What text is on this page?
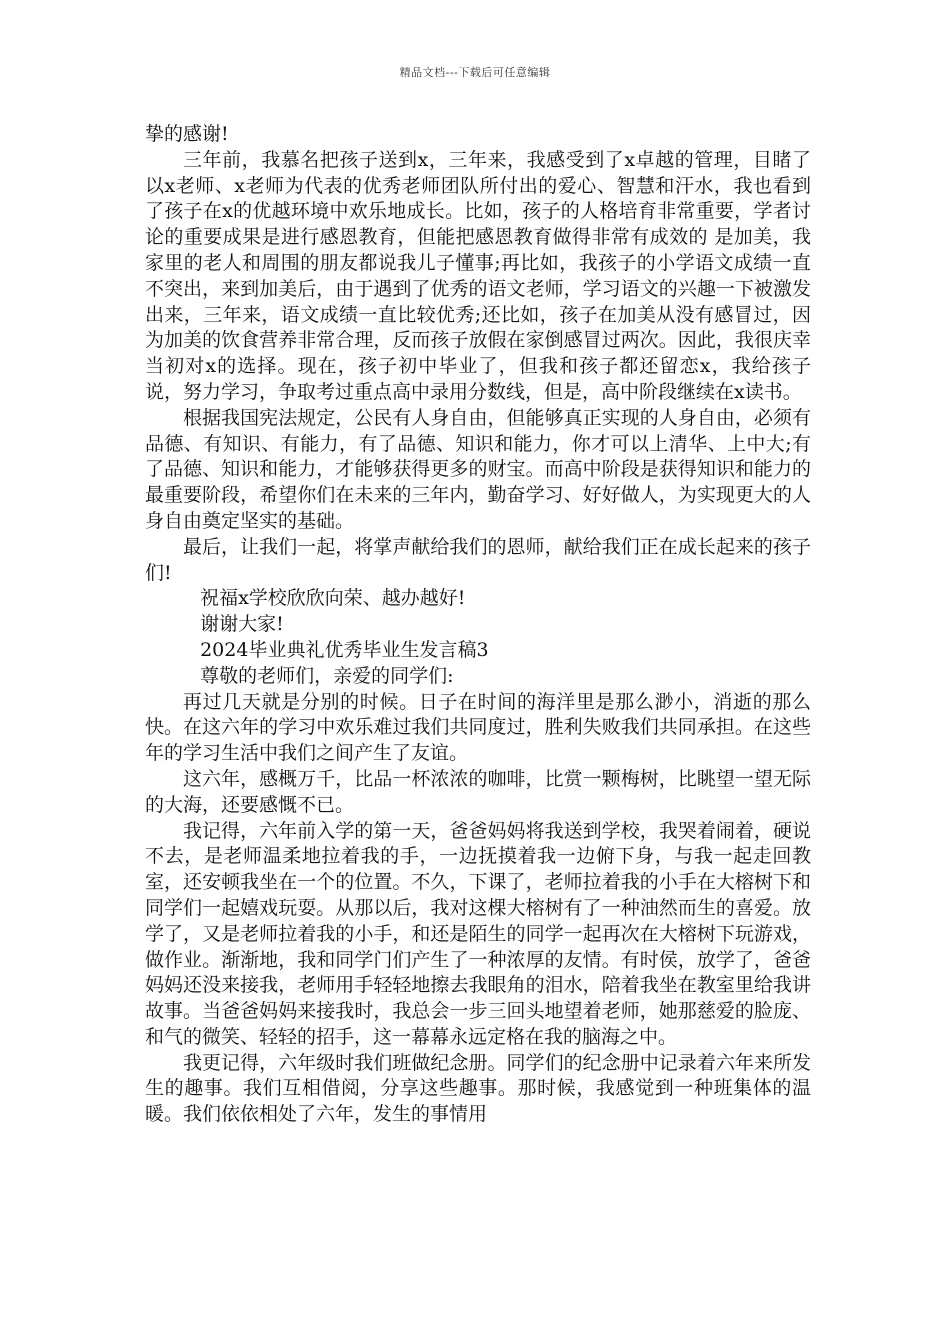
精品文档---下载后可任意编辑

挚的感谢!

三年前，我慕名把孩子送到x，三年来，我感受到了x卓越的管理，目睹了以x老师、x老师为代表的优秀老师团队所付出的爱心、智慧和汗水，我也看到了孩子在x的优越环境中欢乐地成长。比如，孩子的人格培育非常重要，学者讨论的重要成果是进行感恩教育，但能把感恩教育做得非常有成效的 是加美，我家里的老人和周围的朋友都说我儿子懂事;再比如，我孩子的小学语文成绩一直不突出，来到加美后，由于遇到了优秀的语文老师，学习语文的兴趣一下被激发出来，三年来，语文成绩一直比较优秀;还比如，孩子在加美从没有感冒过，因为加美的饮食营养非常合理，反而孩子放假在家倒感冒过两次。因此，我很庆幸当初对x的选择。现在，孩子初中毕业了，但我和孩子都还留恋x，我给孩子说，努力学习，争取考过重点高中录用分数线，但是，高中阶段继续在x读书。

根据我国宪法规定，公民有人身自由，但能够真正实现的人身自由，必须有品德、有知识、有能力，有了品德、知识和能力，你才可以上清华、上中大;有了品德、知识和能力，才能够获得更多的财宝。而高中阶段是获得知识和能力的最重要阶段，希望你们在未来的三年内，勤奋学习、好好做人，为实现更大的人身自由奠定坚实的基础。

最后，让我们一起，将掌声献给我们的恩师，献给我们正在成长起来的孩子们!

祝福x学校欣欣向荣、越办越好!

谢谢大家!

2024毕业典礼优秀毕业生发言稿3

尊敬的老师们，亲爱的同学们:

再过几天就是分别的时候。日子在时间的海洋里是那么渺小，消逝的那么快。在这六年的学习中欢乐难过我们共同度过，胜利失败我们共同承担。在这些年的学习生活中我们之间产生了友谊。

这六年，感概万千，比品一杯浓浓的咖啡，比赏一颗梅树，比眺望一望无际的大海，还要感慨不已。

我记得，六年前入学的第一天，爸爸妈妈将我送到学校，我哭着闹着，硬说不去，是老师温柔地拉着我的手，一边抚摸着我一边俯下身，与我一起走回教室，还安顿我坐在一个的位置。不久，下课了，老师拉着我的小手在大榕树下和同学们一起嬉戏玩耍。从那以后，我对这棵大榕树有了一种油然而生的喜爱。放学了，又是老师拉着我的小手，和还是陌生的同学一起再次在大榕树下玩游戏，做作业。渐渐地，我和同学门们产生了一种浓厚的友情。有时侯，放学了，爸爸妈妈还没来接我，老师用手轻轻地擦去我眼角的泪水，陪着我坐在教室里给我讲故事。当爸爸妈妈来接我时，我总会一步三回头地望着老师，她那慈爱的脸庞、和气的微笑、轻轻的招手，这一幕幕永远定格在我的脑海之中。

我更记得，六年级时我们班做纪念册。同学们的纪念册中记录着六年来所发生的趣事。我们互相借阅，分享这些趣事。那时候，我感觉到一种班集体的温暖。我们依依相处了六年，发生的事情用
